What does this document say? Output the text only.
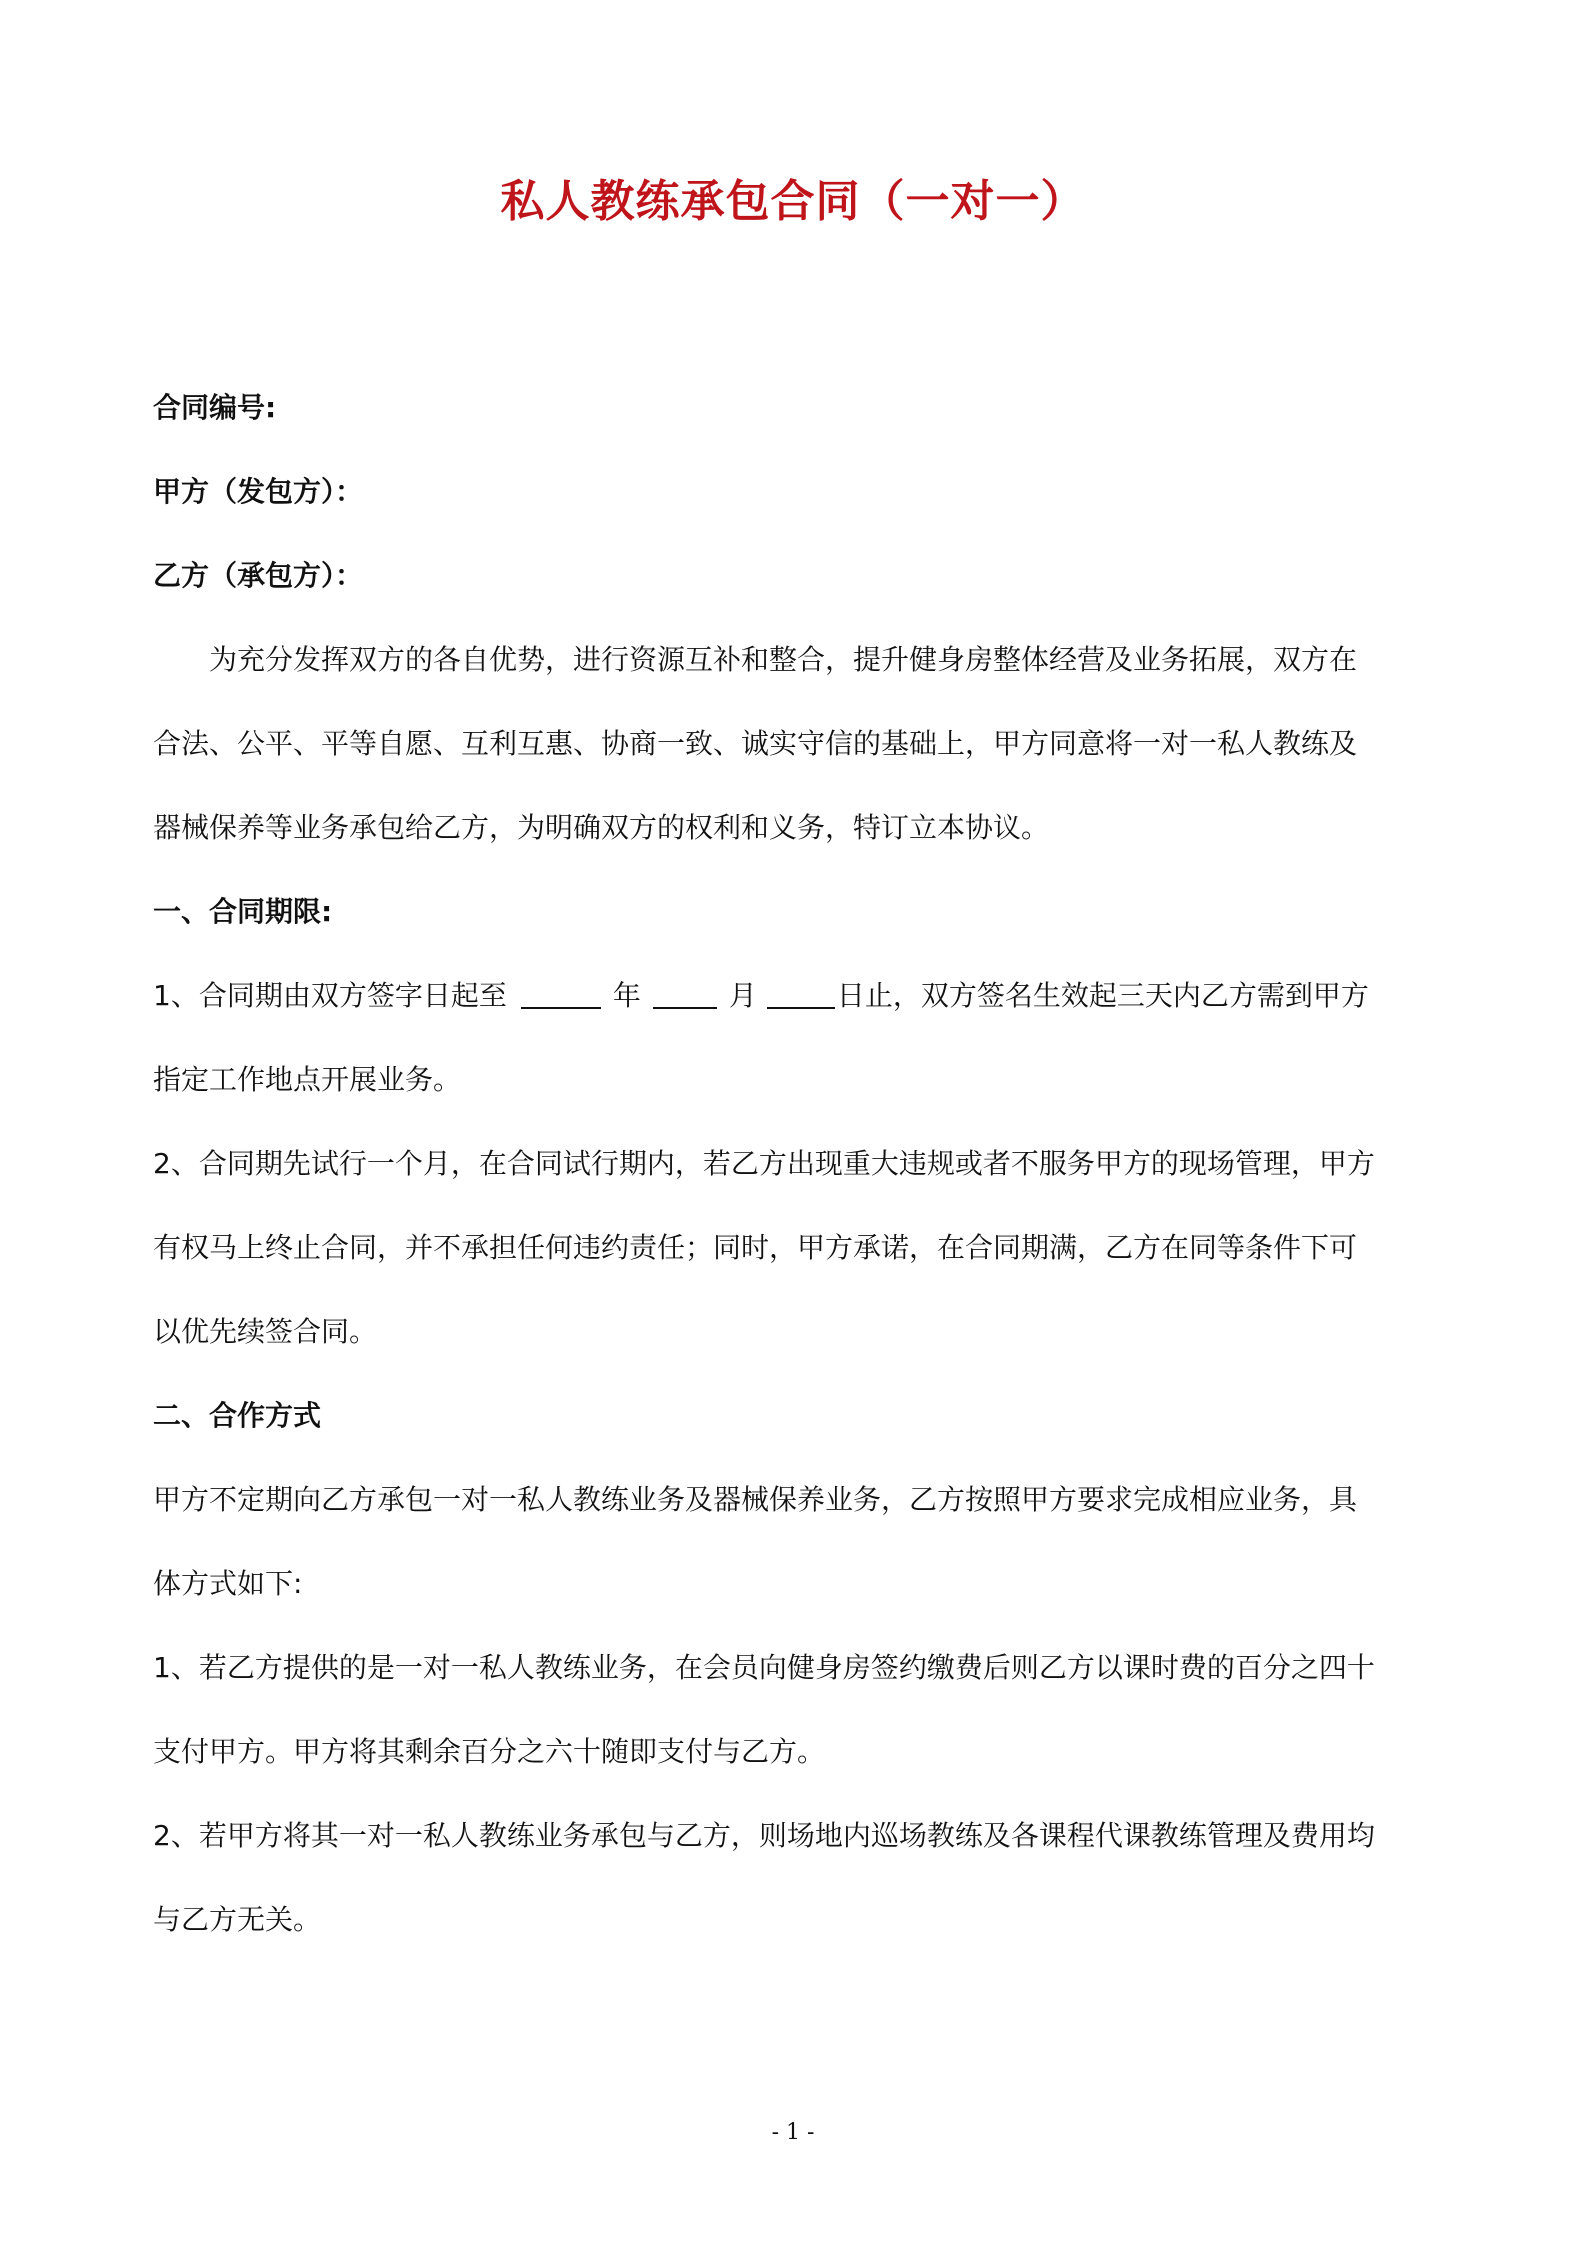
私人教练承包合同（一对一）
合同编号:
甲方（发包方）：
乙方（承包方）：
为充分发挥双方的各自优势，进行资源互补和整合，提升健身房整体经营及业务拓展，双方在
合法、公平、平等自愿、互利互惠、协商一致、诚实守信的基础上，甲方同意将一对一私人教练及
器械保养等业务承包给乙方，为明确双方的权利和义务，特订立本协议。
一、合同期限:
1、合同期由双方签字日起至	年	月	日止，双方签名生效起三天内乙方需到甲方
指定工作地点开展业务。
2、合同期先试行一个月，在合同试行期内，若乙方出现重大违规或者不服务甲方的现场管理，甲方
有权马上终止合同，并不承担任何违约责任；同时，甲方承诺，在合同期满，乙方在同等条件下可
以优先续签合同。
二、合作方式
甲方不定期向乙方承包一对一私人教练业务及器械保养业务，乙方按照甲方要求完成相应业务，具
体方式如下:
1、若乙方提供的是一对一私人教练业务，在会员向健身房签约缴费后则乙方以课时费的百分之四十
支付甲方。甲方将其剩余百分之六十随即支付与乙方。
2、若甲方将其一对一私人教练业务承包与乙方，则场地内巡场教练及各课程代课教练管理及费用均
与乙方无关。
- 1 -
